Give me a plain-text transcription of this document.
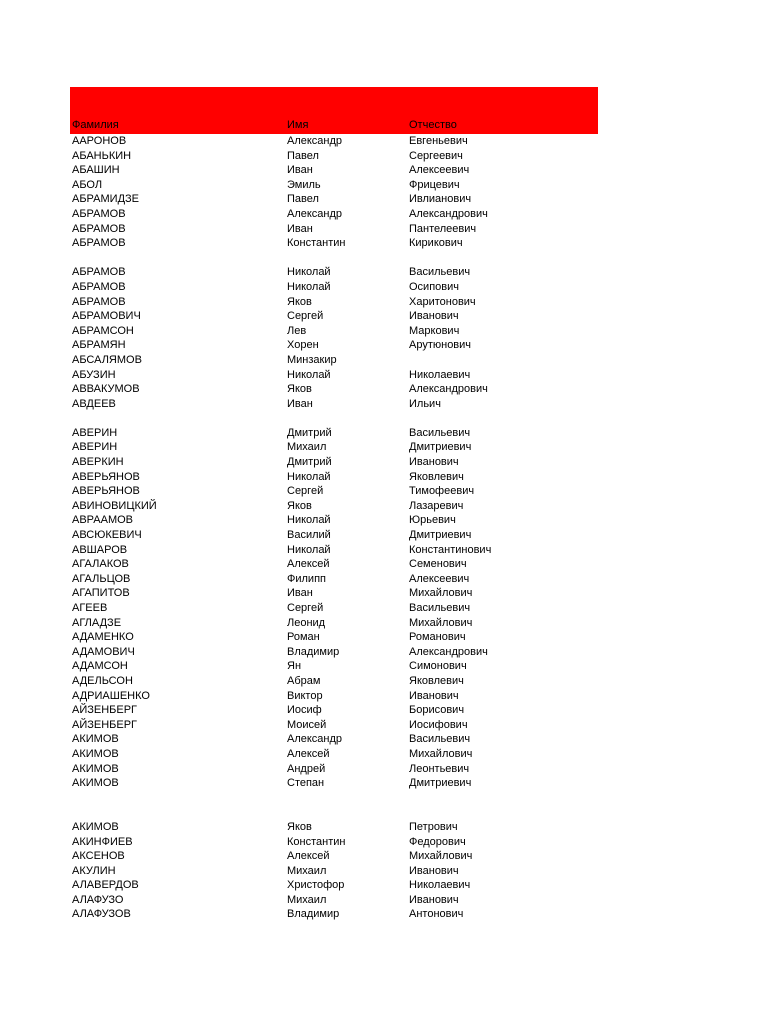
Фамилия	Имя	Отчество
ААРОНОВ	Александр	Евгеньевич
АБАНЬКИН	Павел	Сергеевич
АБАШИН	Иван	Алексеевич
АБОЛ	Эмиль	Фрицевич
АБРАМИДЗЕ	Павел	Ивлианович
АБРАМОВ	Александр	Александрович
АБРАМОВ	Иван	Пантелеевич
АБРАМОВ	Константин	Кирикович
АБРАМОВ	Николай	Васильевич
АБРАМОВ	Николай	Осипович
АБРАМОВ	Яков	Харитонович
АБРАМОВИЧ	Сергей	Иванович
АБРАМСОН	Лев	Маркович
АБРАМЯН	Хорен	Арутюнович
АБСАЛЯМОВ	Минзакир
АБУЗИН	Николай	Николаевич
АВВАКУМОВ	Яков	Александрович
АВДЕЕВ	Иван	Ильич
АВЕРИН	Дмитрий	Васильевич
АВЕРИН	Михаил	Дмитриевич
АВЕРКИН	Дмитрий	Иванович
АВЕРЬЯНОВ	Николай	Яковлевич
АВЕРЬЯНОВ	Сергей	Тимофеевич
АВИНОВИЦКИЙ	Яков	Лазаревич
АВРААМОВ	Николай	Юрьевич
АВСЮКЕВИЧ	Василий	Дмитриевич
АВШАРОВ	Николай	Константинович
АГАЛАКОВ	Алексей	Семенович
АГАЛЬЦОВ	Филипп	Алексеевич
АГАПИТОВ	Иван	Михайлович
АГЕЕВ	Сергей	Васильевич
АГЛАДЗЕ	Леонид	Михайлович
АДАМЕНКО	Роман	Романович
АДАМОВИЧ	Владимир	Александрович
АДАМСОН	Ян	Симонович
АДЕЛЬСОН	Абрам	Яковлевич
АДРИАШЕНКО	Виктор	Иванович
АЙЗЕНБЕРГ	Иосиф	Борисович
АЙЗЕНБЕРГ	Моисей	Иосифович
АКИМОВ	Александр	Васильевич
АКИМОВ	Алексей	Михайлович
АКИМОВ	Андрей	Леонтьевич
АКИМОВ	Степан	Дмитриевич
АКИМОВ	Яков	Петрович
АКИНФИЕВ	Константин	Федорович
АКСЕНОВ	Алексей	Михайлович
АКУЛИН	Михаил	Иванович
АЛАВЕРДОВ	Христофор	Николаевич
АЛАФУЗО	Михаил	Иванович
АЛАФУЗОВ	Владимир	Антонович
